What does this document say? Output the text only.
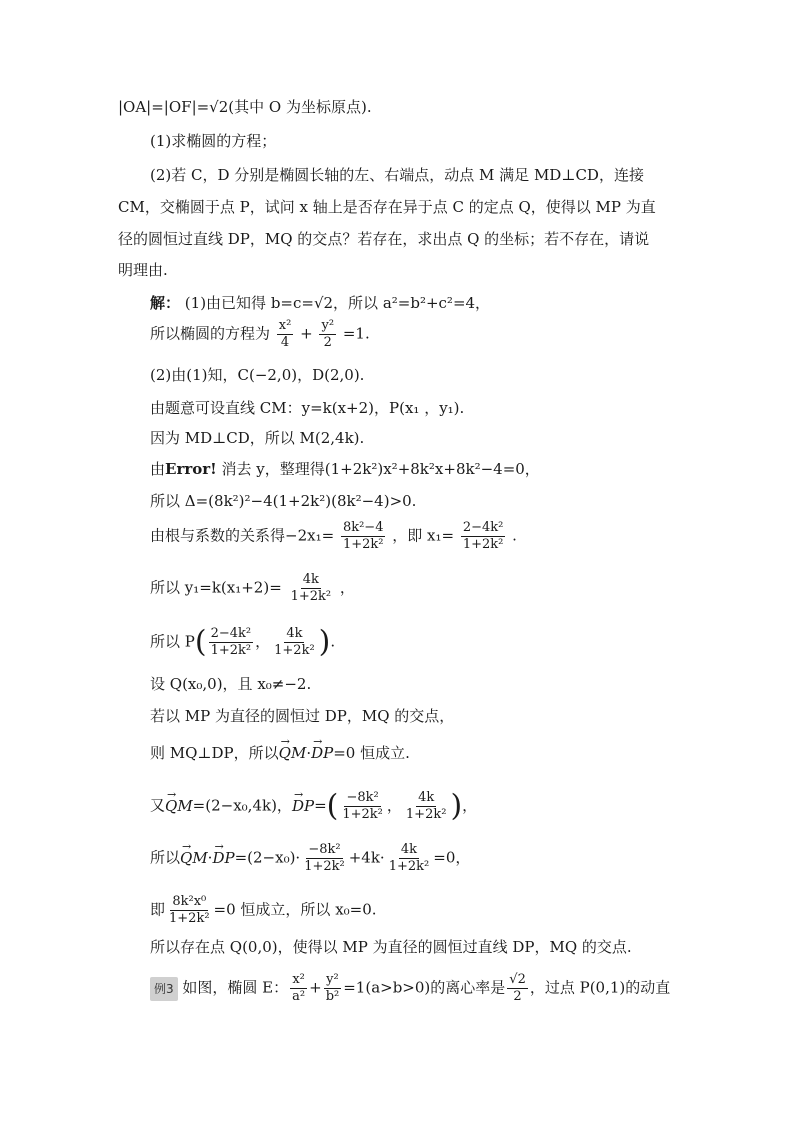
|OA|=|OF|=√2(其中 O 为坐标原点).
(1)求椭圆的方程；
(2)若 C，D 分别是椭圆长轴的左、右端点，动点 M 满足 MD⊥CD，连接
CM，交椭圆于点 P，试问 x 轴上是否存在异于点 C 的定点 Q，使得以 MP 为直
径的圆恒过直线 DP，MQ 的交点？若存在，求出点 Q 的坐标；若不存在，请说
明理由.
解： (1)由已知得 b=c=√2，所以 a²=b²+c²=4，
所以椭圆的方程为 $\frac{\text{x²}}{4} + \frac{\text{y²}}{2} =1$.
(2)由(1)知，C(−2,0)，D(2,0).
由题意可设直线 CM：y=k(x+2)，P(x₁ ，y₁).
因为 MD⊥CD，所以 M(2,4k).
由Error! 消去 y，整理得(1+2k²)x²+8k²x+8k²−4=0，
所以 Δ=(8k²)²−4(1+2k²)(8k²−4)>0.
由根与系数的关系得$-2x_1= \frac{\text{8k²−4}}{\text{1+2k²}}$ ，即 $x_1= \frac{\text{2−4k²}}{\text{1+2k²}}$ .
所以 $y_1=k(x_1+2)= \frac{4k}{\text{1+2k²}}$ ，
所以 $P( \frac{\text{2−4k²}}{\text{1+2k²}}$ ， $\frac{4k}{\text{1+2k²}}$ ).
设 Q(x₀,0)，且 x₀≠−2.
若以 MP 为直径的圆恒过 DP，MQ 的交点，
则 MQ⊥DP，所以→ QM·→ DP=0 恒成立.
又→ QM=(2−x₀,4k)，→ $DP=( \frac{\text{−8k²}}{\text{1+2k²}}$ ， $\frac{4k}{\text{1+2k²}}$ )，
所以→ $QM\cdot\to DP=(2-x_0)\cdot \frac{\text{−8k²}}{\text{1+2k²}} +4k\cdot \frac{4k}{\text{1+2k²}} =0$，
即 $\frac{\text{8k²x⁰}}{\text{1+2k²}} =0$ 恒成立，所以 x₀=0.
所以存在点 Q(0,0)，使得以 MP 为直径的圆恒过直线 DP，MQ 的交点.
例3 如图，椭圆 E： $\frac{\text{x²}}{\text{a²}} + \frac{\text{y²}}{\text{b²}} =1(a>b>0)$的离心率是 $\frac{√2}{2}$ ，过点 P(0,1)的动直
